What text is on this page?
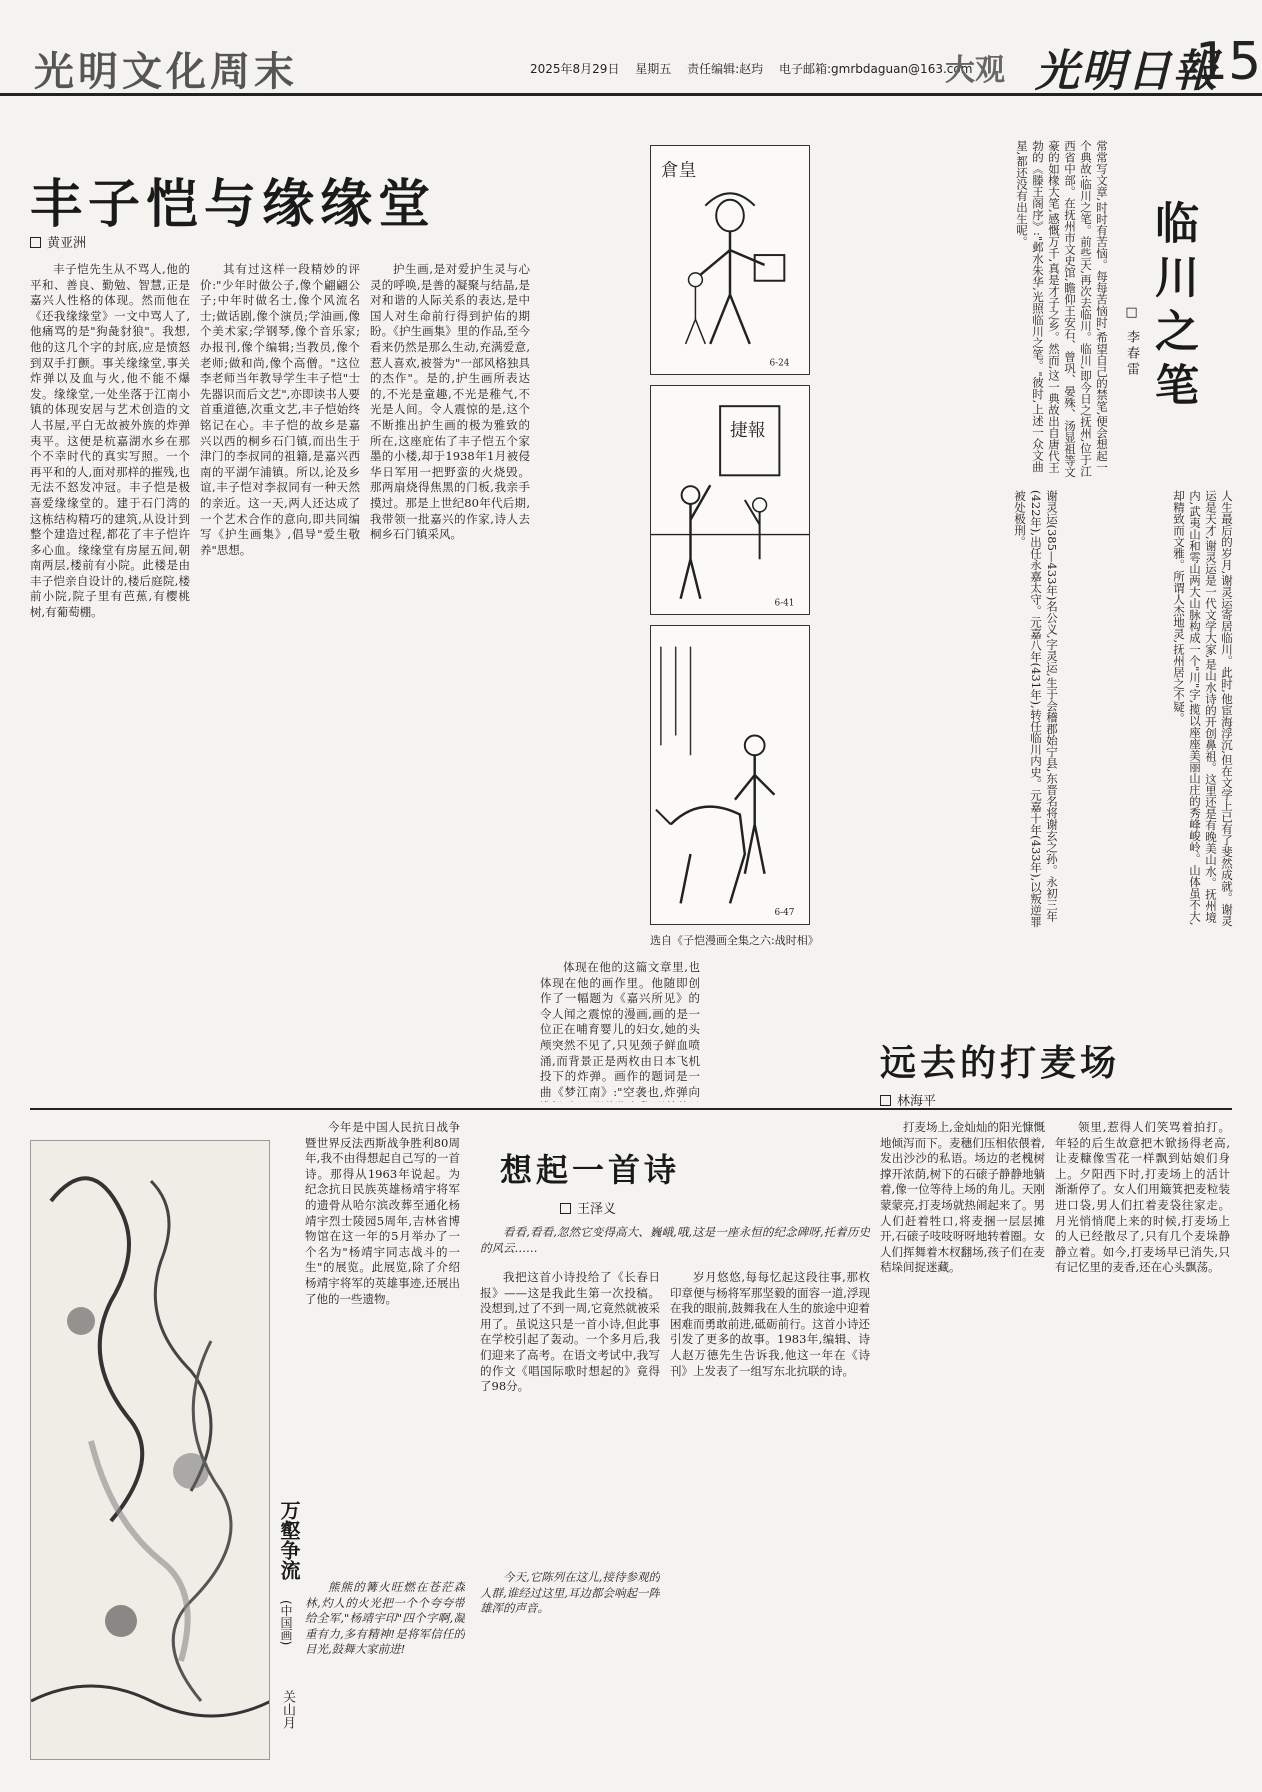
光明文化周末	2025年8月29日 星期五 责任编辑:赵玙 电子邮箱:gmrbdaguan@163.com
大观 光明日報
15
丰子恺与缘缘堂
黄亚洲

丰子恺先生从不骂人,他的平和、善良、勤勉、智慧,正是嘉兴人性格的体现。然而他在《还我缘缘堂》一文中骂人了,他痛骂的是"狗彘豺狼"。我想,他的这几个字的封底,应是愤怒到双手打颤。事关缘缘堂,事关炸弹以及血与火,他不能不爆发。缘缘堂,一处坐落于江南小镇的体现安居与艺术创造的文人书屋,平白无故被外族的炸弹夷平。这便是杭嘉湖水乡在那个不幸时代的真实写照。一个再平和的人,面对那样的摧残,也无法不怒发冲冠。丰子恺是极喜爱缘缘堂的。建于石门湾的这栋结构精巧的建筑,从设计到整个建造过程,都花了丰子恺许多心血。缘缘堂有房屋五间,朝南两层,楼前有小院。此楼是由丰子恺亲自设计的,楼后庭院,楼前小院,院子里有芭蕉,有樱桃树,有葡萄棚。

其有过这样一段精妙的评价:"少年时做公子,像个翩翩公子;中年时做名士,像个风流名士;做话剧,像个演员;学油画,像个美术家;学钢琴,像个音乐家;办报刊,像个编辑;当教员,像个老师;做和尚,像个高僧。"这位李老师当年教导学生丰子恺"士先器识而后文艺",亦即读书人要首重道德,次重文艺,丰子恺始终铭记在心。丰子恺的故乡是嘉兴以西的桐乡石门镇,而出生于津门的李叔同的祖籍,是嘉兴西南的平湖乍浦镇。所以,论及乡谊,丰子恺对李叔同有一种天然的亲近。这一天,两人还达成了一个艺术合作的意向,即共同编写《护生画集》,倡导"爱生敬养"思想。

护生画,是对爱护生灵与心灵的呼唤,是善的凝聚与结晶,是对和谐的人际关系的表达,是中国人对生命前行得到护佑的期盼。《护生画集》里的作品,至今看来仍然是那么生动,充满爱意,惹人喜欢,被誉为"一部风格独具的杰作"。是的,护生画所表达的,不光是童趣,不光是稚气,不光是人间。令人震惊的是,这个不断推出护生画的极为雅致的所在,这座庇佑了丰子恺五个家墨的小楼,却于1938年1月被侵华日军用一把野蛮的火烧毁。那两扇烧得焦黑的门板,我亲手摸过。那是上世纪80年代后期,我带领一批嘉兴的作家,诗人去桐乡石门镇采风。

体现在他的这篇文章里,也体现在他的画作里。他随即创作了一幅题为《嘉兴所见》的令人闻之震惊的漫画,画的是一位正在哺育婴儿的妇女,她的头颅突然不见了,只见颈子鲜血喷涌,而背景正是两枚由日本飞机投下的炸弹。画作的题词是一曲《梦江南》:"空袭也,炸弹向

倉皇
6-24
捷報
6-41
6-47
选自《子恺漫画全集之六:战时相》
常常写文章,时时有苦恼。每每苦恼时,希望自己的禁笔,便会想起一个典故:临川之笔。前些天,再次去临川。临川,即今日之抚州,位于江西省中部。在抚州市文史馆,瞻仰王安石、曾巩、晏殊、汤显祖等文豪的如椽大笔,感慨万千,真是才子之乡。然而,这一典故出自唐代王勃的《滕王阁序》:"邺水朱华,光照临川之笔。"彼时,上述一众文曲星,都还没有出生呢。
临川之笔
□ 李春雷
谢灵运(385—433年)名公义,字灵运,生于会稽郡始宁县,东晋名将谢玄之孙。永初三年(422年),出任永嘉太守。元嘉八年(431年),转任临川内史。元嘉十年(433年),以叛逆罪被处极刑。	人生最后的岁月,谢灵运寄居临川。此时,他宦海浮沉,但在文学上已有了斐然成就。谢灵运是天才,谢灵运是一代文学大家,是山水诗的开创鼻祖。这里还是有晚美山水。抚州境内,武夷山和雩山两大山脉构成一个"川"字,揽以座座美丽山庄的秀峰峻岭。山体虽不大,却精致而文雅。所谓人杰地灵,抚州居之不疑。
远去的打麦场
林海平

打麦场上,金灿灿的阳光慷慨地倾泻而下。麦穗们压相依偎着,发出沙沙的私语。场边的老槐树撑开浓荫,树下的石磙子静静地躺着,像一位等待上场的角儿。天刚蒙蒙亮,打麦场就热闹起来了。男人们赶着牲口,将麦捆一层层摊开,石磙子吱吱呀呀地转着圈。女人们挥舞着木杈翻场,孩子们在麦秸垛间捉迷藏。

领里,惹得人们笑骂着拍打。年轻的后生故意把木锨扬得老高,让麦糠像雪花一样飘到姑娘们身上。夕阳西下时,打麦场上的活计渐渐停了。女人们用簸箕把麦粒装进口袋,男人们扛着麦袋往家走。月光悄悄爬上来的时候,打麦场上的人已经散尽了,只有几个麦垛静静立着。如今,打麦场早已消失,只有记忆里的麦香,还在心头飘荡。

万壑争流
(中国画)
关山月

今年是中国人民抗日战争暨世界反法西斯战争胜利80周年,我不由得想起自己写的一首诗。那得从1963年说起。为纪念抗日民族英雄杨靖宇将军的遗骨从哈尔滨改葬至通化杨靖宇烈士陵园5周年,吉林省博物馆在这一年的5月举办了一个名为"杨靖宇同志战斗的一生"的展览。此展览,除了介绍杨靖宇将军的英雄事迹,还展出了他的一些遗物。

想起一首诗
王泽义

看看,看看,忽然它变得高大、巍峨,哦,这是一座永恒的纪念碑呀,托着历史的风云……

我把这首小诗投给了《长春日报》——这是我此生第一次投稿。没想到,过了不到一周,它竟然就被采用了。虽说这只是一首小诗,但此事在学校引起了轰动。一个多月后,我们迎来了高考。在语文考试中,我写的作文《唱国际歌时想起的》竟得了98分。

岁月悠悠,每每忆起这段往事,那枚印章便与杨将军那坚毅的面容一道,浮现在我的眼前,鼓舞我在人生的旅途中迎着困难而勇敢前进,砥砺前行。这首小诗还引发了更多的故事。1983年,编辑、诗人赵万德先生告诉我,他这一年在《诗刊》上发表了一组写东北抗联的诗。

熊熊的篝火旺燃在苍茫森林,灼人的火光把一个个夸夸带给全军,"杨靖宇印"四个字啊,凝重有力,多有精神!是将军信任的目光,鼓舞大家前进!

今天,它陈列在这儿,接待参观的人群,谁经过这里,耳边都会响起一阵雄浑的声音。
